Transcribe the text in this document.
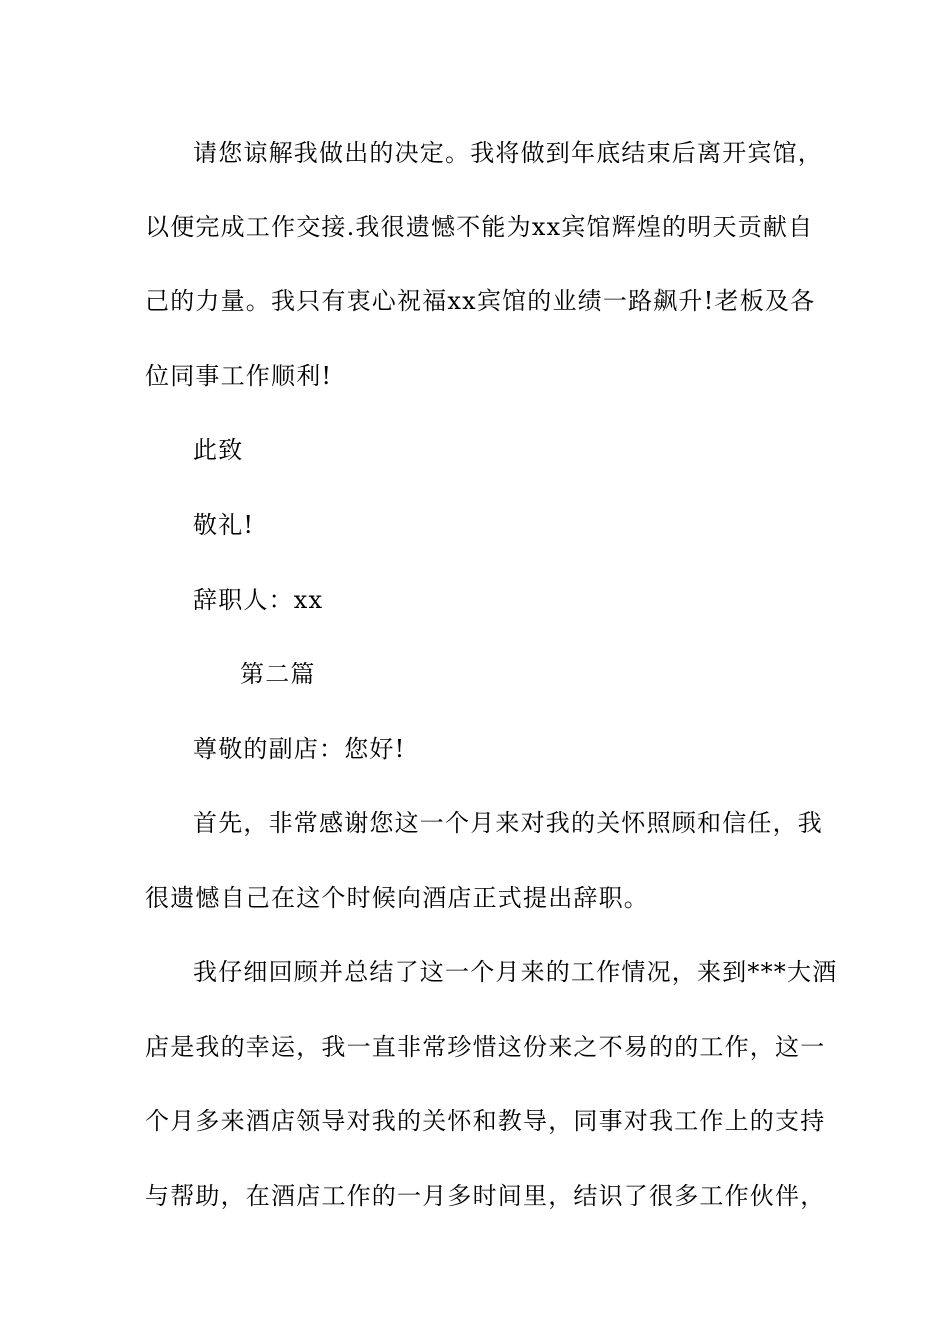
请您谅解我做出的决定。我将做到年底结束后离开宾馆，
以便完成工作交接.我很遗憾不能为xx宾馆辉煌的明天贡献自
己的力量。我只有衷心祝福xx宾馆的业绩一路飙升!老板及各
位同事工作顺利!
此致
敬礼!
辞职人：xx
第二篇
尊敬的副店：您好!
首先，非常感谢您这一个月来对我的关怀照顾和信任，我
很遗憾自己在这个时候向酒店正式提出辞职。
我仔细回顾并总结了这一个月来的工作情况，来到***大酒
店是我的幸运，我一直非常珍惜这份来之不易的的工作，这一
个月多来酒店领导对我的关怀和教导，同事对我工作上的支持
与帮助，在酒店工作的一月多时间里，结识了很多工作伙伴，
